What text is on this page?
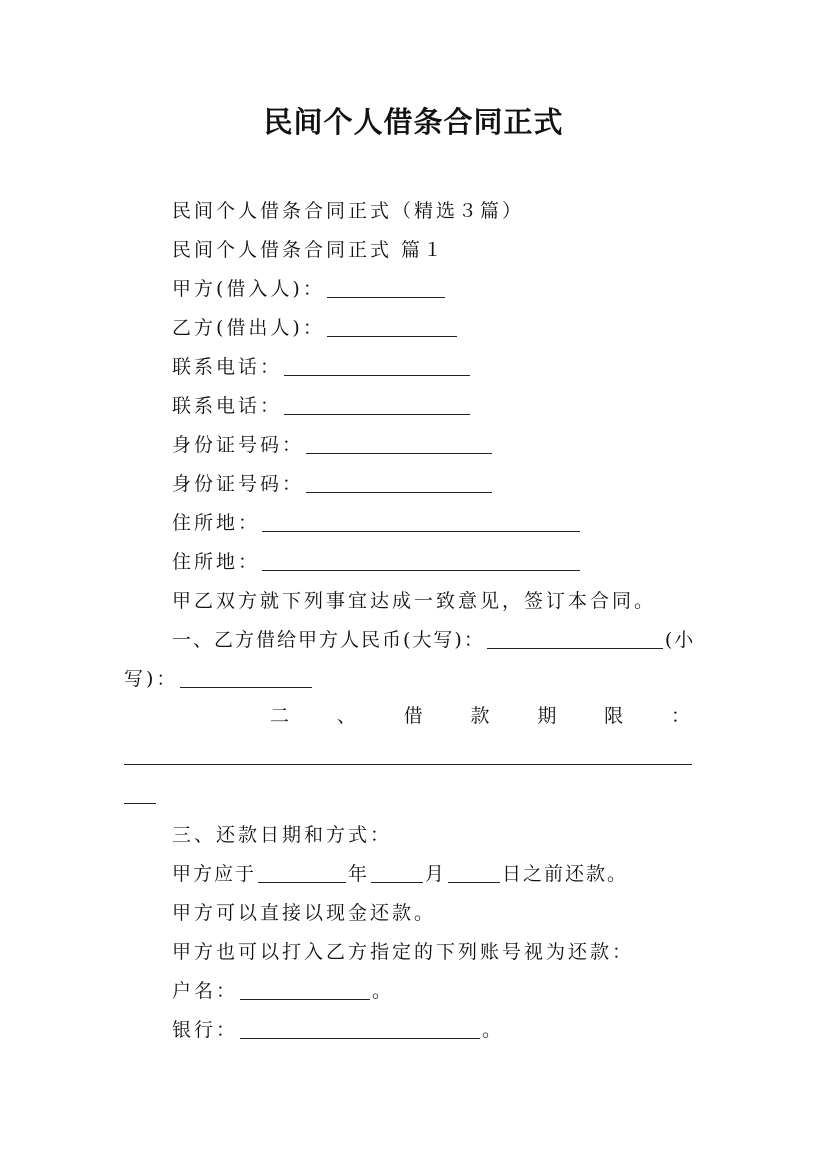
民间个人借条合同正式
民间个人借条合同正式（精选３篇）
民间个人借条合同正式 篇１
甲方(借入人)：
乙方(借出人)：
联系电话：
联系电话：
身份证号码：
身份证号码：
住所地：
住所地：
甲乙双方就下列事宜达成一致意见，签订本合同。
一、乙方借给甲方人民币(大写)：	(小
写)：
二	、	借	款	期	限	：
三、还款日期和方式：
甲方应于	年	月	日之前还款。
甲方可以直接以现金还款。
甲方也可以打入乙方指定的下列账号视为还款：
户名：	。
银行：	。
